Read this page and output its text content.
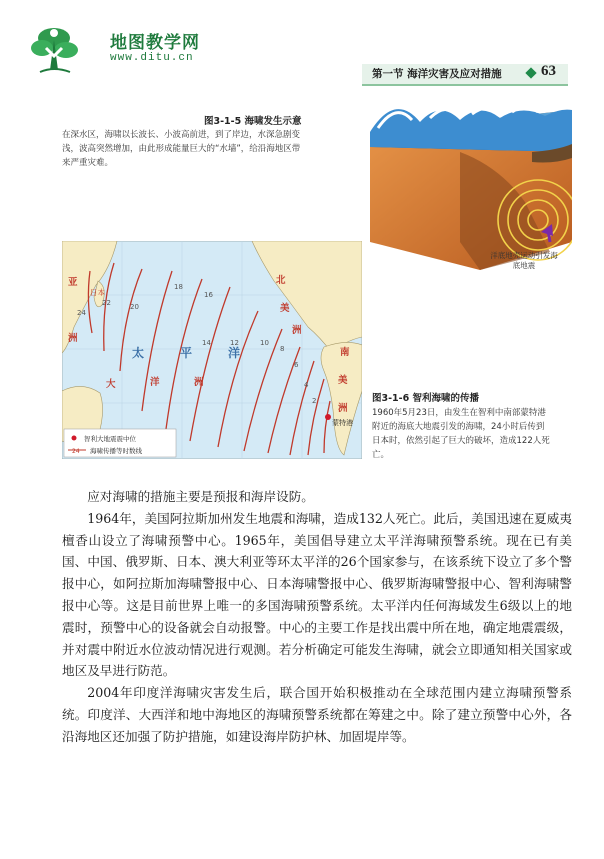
地图教学网
www.ditu.cn
第一节 海洋灾害及应对措施	63
图3-1-5 海啸发生示意
在深水区，海啸以长波长、小波高前进，到了岸边，水深急剧变浅，波高突然增加，由此形成能量巨大的“水墙”，给沿海地区带来严重灾难。
洋底地壳运动引发海底地震
24
22	20
18
16
14	12	10
8
6
4
2
亚
洲
北
美
洲
南
美
洲
大	洋	洲
太	平	洋
日本
蒙特港
智利大地震震中位
24 海啸传播等时数线
图3-1-6 智利海啸的传播
1960年5月23日，由发生在智利中南部蒙特港附近的海底大地震引发的海啸，24小时后传到日本时，依然引起了巨大的破坏，造成122人死亡。

应对海啸的措施主要是预报和海岸设防。

1964年，美国阿拉斯加州发生地震和海啸，造成132人死亡。此后，美国迅速在夏威夷檀香山设立了海啸预警中心。1965年，美国倡导建立太平洋海啸预警系统。现在已有美国、中国、俄罗斯、日本、澳大利亚等环太平洋的26个国家参与，在该系统下设立了多个警报中心，如阿拉斯加海啸警报中心、日本海啸警报中心、俄罗斯海啸警报中心、智利海啸警报中心等。这是目前世界上唯一的多国海啸预警系统。太平洋内任何海域发生6级以上的地震时，预警中心的设备就会自动报警。中心的主要工作是找出震中所在地，确定地震震级，并对震中附近水位波动情况进行观测。若分析确定可能发生海啸，就会立即通知相关国家或地区及早进行防范。

2004年印度洋海啸灾害发生后，联合国开始积极推动在全球范围内建立海啸预警系统。印度洋、大西洋和地中海地区的海啸预警系统都在筹建之中。除了建立预警中心外，各沿海地区还加强了防护措施，如建设海岸防护林、加固堤岸等。
